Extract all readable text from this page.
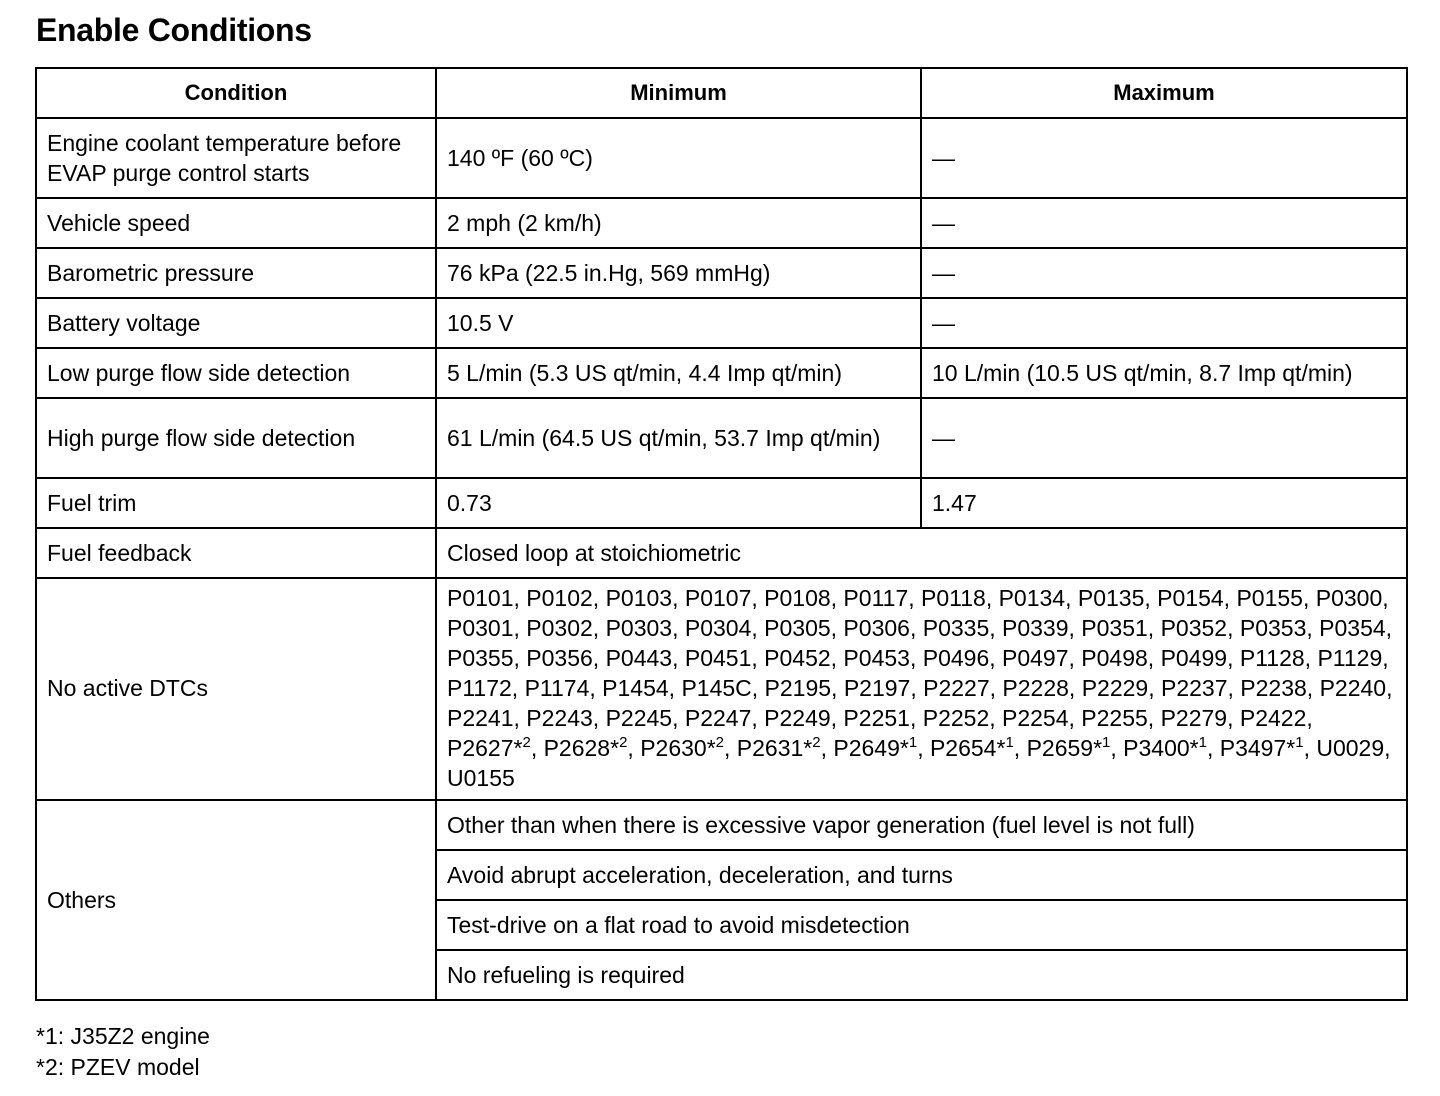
Enable Conditions
Condition	Minimum	Maximum
Engine coolant temperature before EVAP purge control starts	140 ºF (60 ºC)	—
Vehicle speed	2 mph (2 km/h)	—
Barometric pressure	76 kPa (22.5 in.Hg, 569 mmHg)	—
Battery voltage	10.5 V	—
Low purge flow side detection	5 L/min (5.3 US qt/min, 4.4 Imp qt/min)	10 L/min (10.5 US qt/min, 8.7 Imp qt/min)
High purge flow side detection	61 L/min (64.5 US qt/min, 53.7 Imp qt/min)	—
Fuel trim	0.73	1.47
Fuel feedback	Closed loop at stoichiometric	
No active DTCs	P0101, P0102, P0103, P0107, P0108, P0117, P0118, P0134, P0135, P0154, P0155, P0300, P0301, P0302, P0303, P0304, P0305, P0306, P0335, P0339, P0351, P0352, P0353, P0354, P0355, P0356, P0443, P0451, P0452, P0453, P0496, P0497, P0498, P0499, P1128, P1129, P1172, P1174, P1454, P145C, P2195, P2197, P2227, P2228, P2229, P2237, P2238, P2240, P2241, P2243, P2245, P2247, P2249, P2251, P2252, P2254, P2255, P2279, P2422, P2627*$^2$, P2628*$^2$, P2630*$^2$, P2631*$^2$, P2649*$^1$, P2654*$^1$, P2659*$^1$, P3400*$^1$, P3497*$^1$, U0029, U0155	
Others	Other than when there is excessive vapor generation (fuel level is not full)	
	Avoid abrupt acceleration, deceleration, and turns	
	Test-drive on a flat road to avoid misdetection	
	No refueling is required	
*1: J35Z2 engine
*2: PZEV model
